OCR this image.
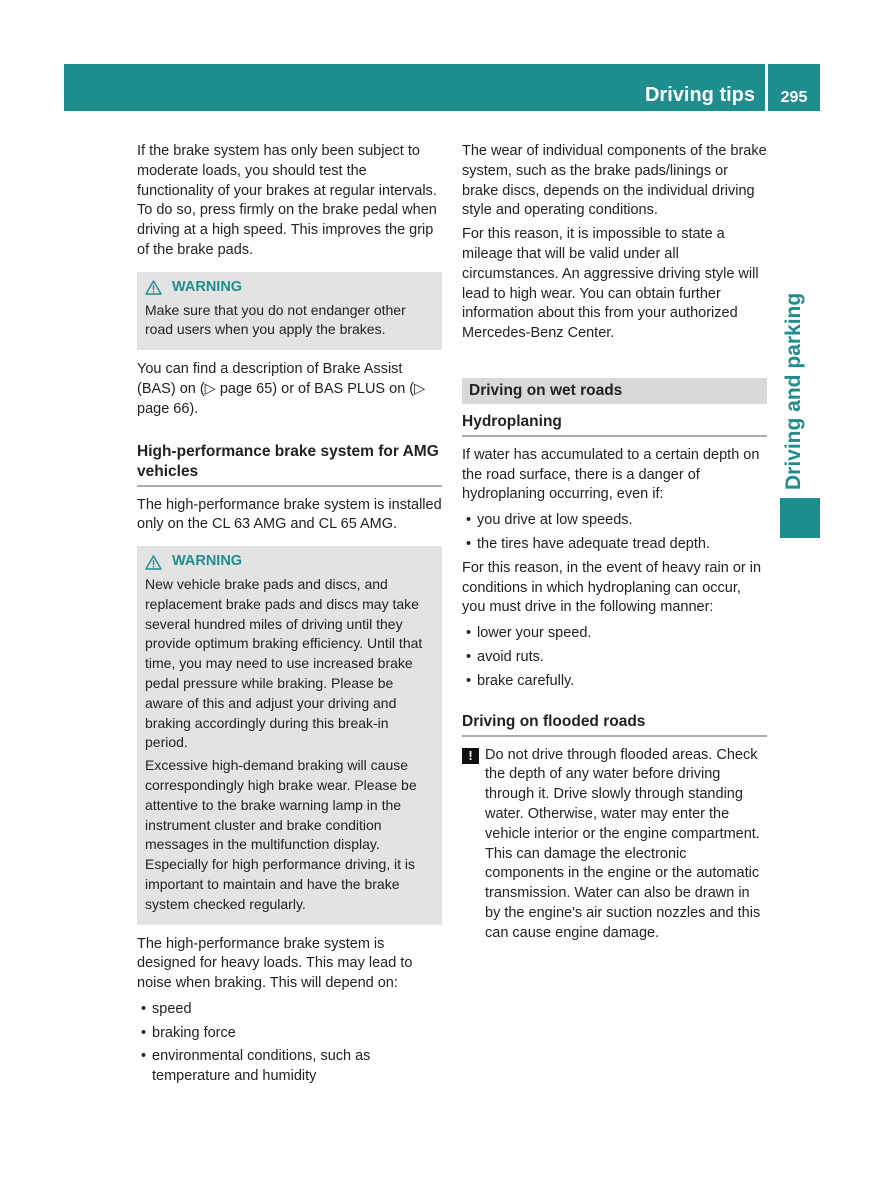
Driving tips	295
Driving and parking

If the brake system has only been subject to moderate loads, you should test the functionality of your brakes at regular intervals. To do so, press firmly on the brake pedal when driving at a high speed. This improves the grip of the brake pads.

WARNING

Make sure that you do not endanger other road users when you apply the brakes.

You can find a description of Brake Assist (BAS) on (▷ page 65) or of BAS PLUS on (▷ page 66).

High-performance brake system for AMG vehicles

The high-performance brake system is installed only on the CL 63 AMG and CL 65 AMG.

WARNING

New vehicle brake pads and discs, and replacement brake pads and discs may take several hundred miles of driving until they provide optimum braking efficiency. Until that time, you may need to use increased brake pedal pressure while braking. Please be aware of this and adjust your driving and braking accordingly during this break-in period.

Excessive high-demand braking will cause correspondingly high brake wear. Please be attentive to the brake warning lamp in the instrument cluster and brake condition messages in the multifunction display. Especially for high performance driving, it is important to maintain and have the brake system checked regularly.

The high-performance brake system is designed for heavy loads. This may lead to noise when braking. This will depend on:

• speed
• braking force
• environmental conditions, such as temperature and humidity

The wear of individual components of the brake system, such as the brake pads/linings or brake discs, depends on the individual driving style and operating conditions.

For this reason, it is impossible to state a mileage that will be valid under all circumstances. An aggressive driving style will lead to high wear. You can obtain further information about this from your authorized Mercedes-Benz Center.

Driving on wet roads
Hydroplaning

If water has accumulated to a certain depth on the road surface, there is a danger of hydroplaning occurring, even if:

• you drive at low speeds.
• the tires have adequate tread depth.

For this reason, in the event of heavy rain or in conditions in which hydroplaning can occur, you must drive in the following manner:

• lower your speed.
• avoid ruts.
• brake carefully.
Driving on flooded roads
! Do not drive through flooded areas. Check the depth of any water before driving through it. Drive slowly through standing water. Otherwise, water may enter the vehicle interior or the engine compartment. This can damage the electronic components in the engine or the automatic transmission. Water can also be drawn in by the engine's air suction nozzles and this can cause engine damage.
